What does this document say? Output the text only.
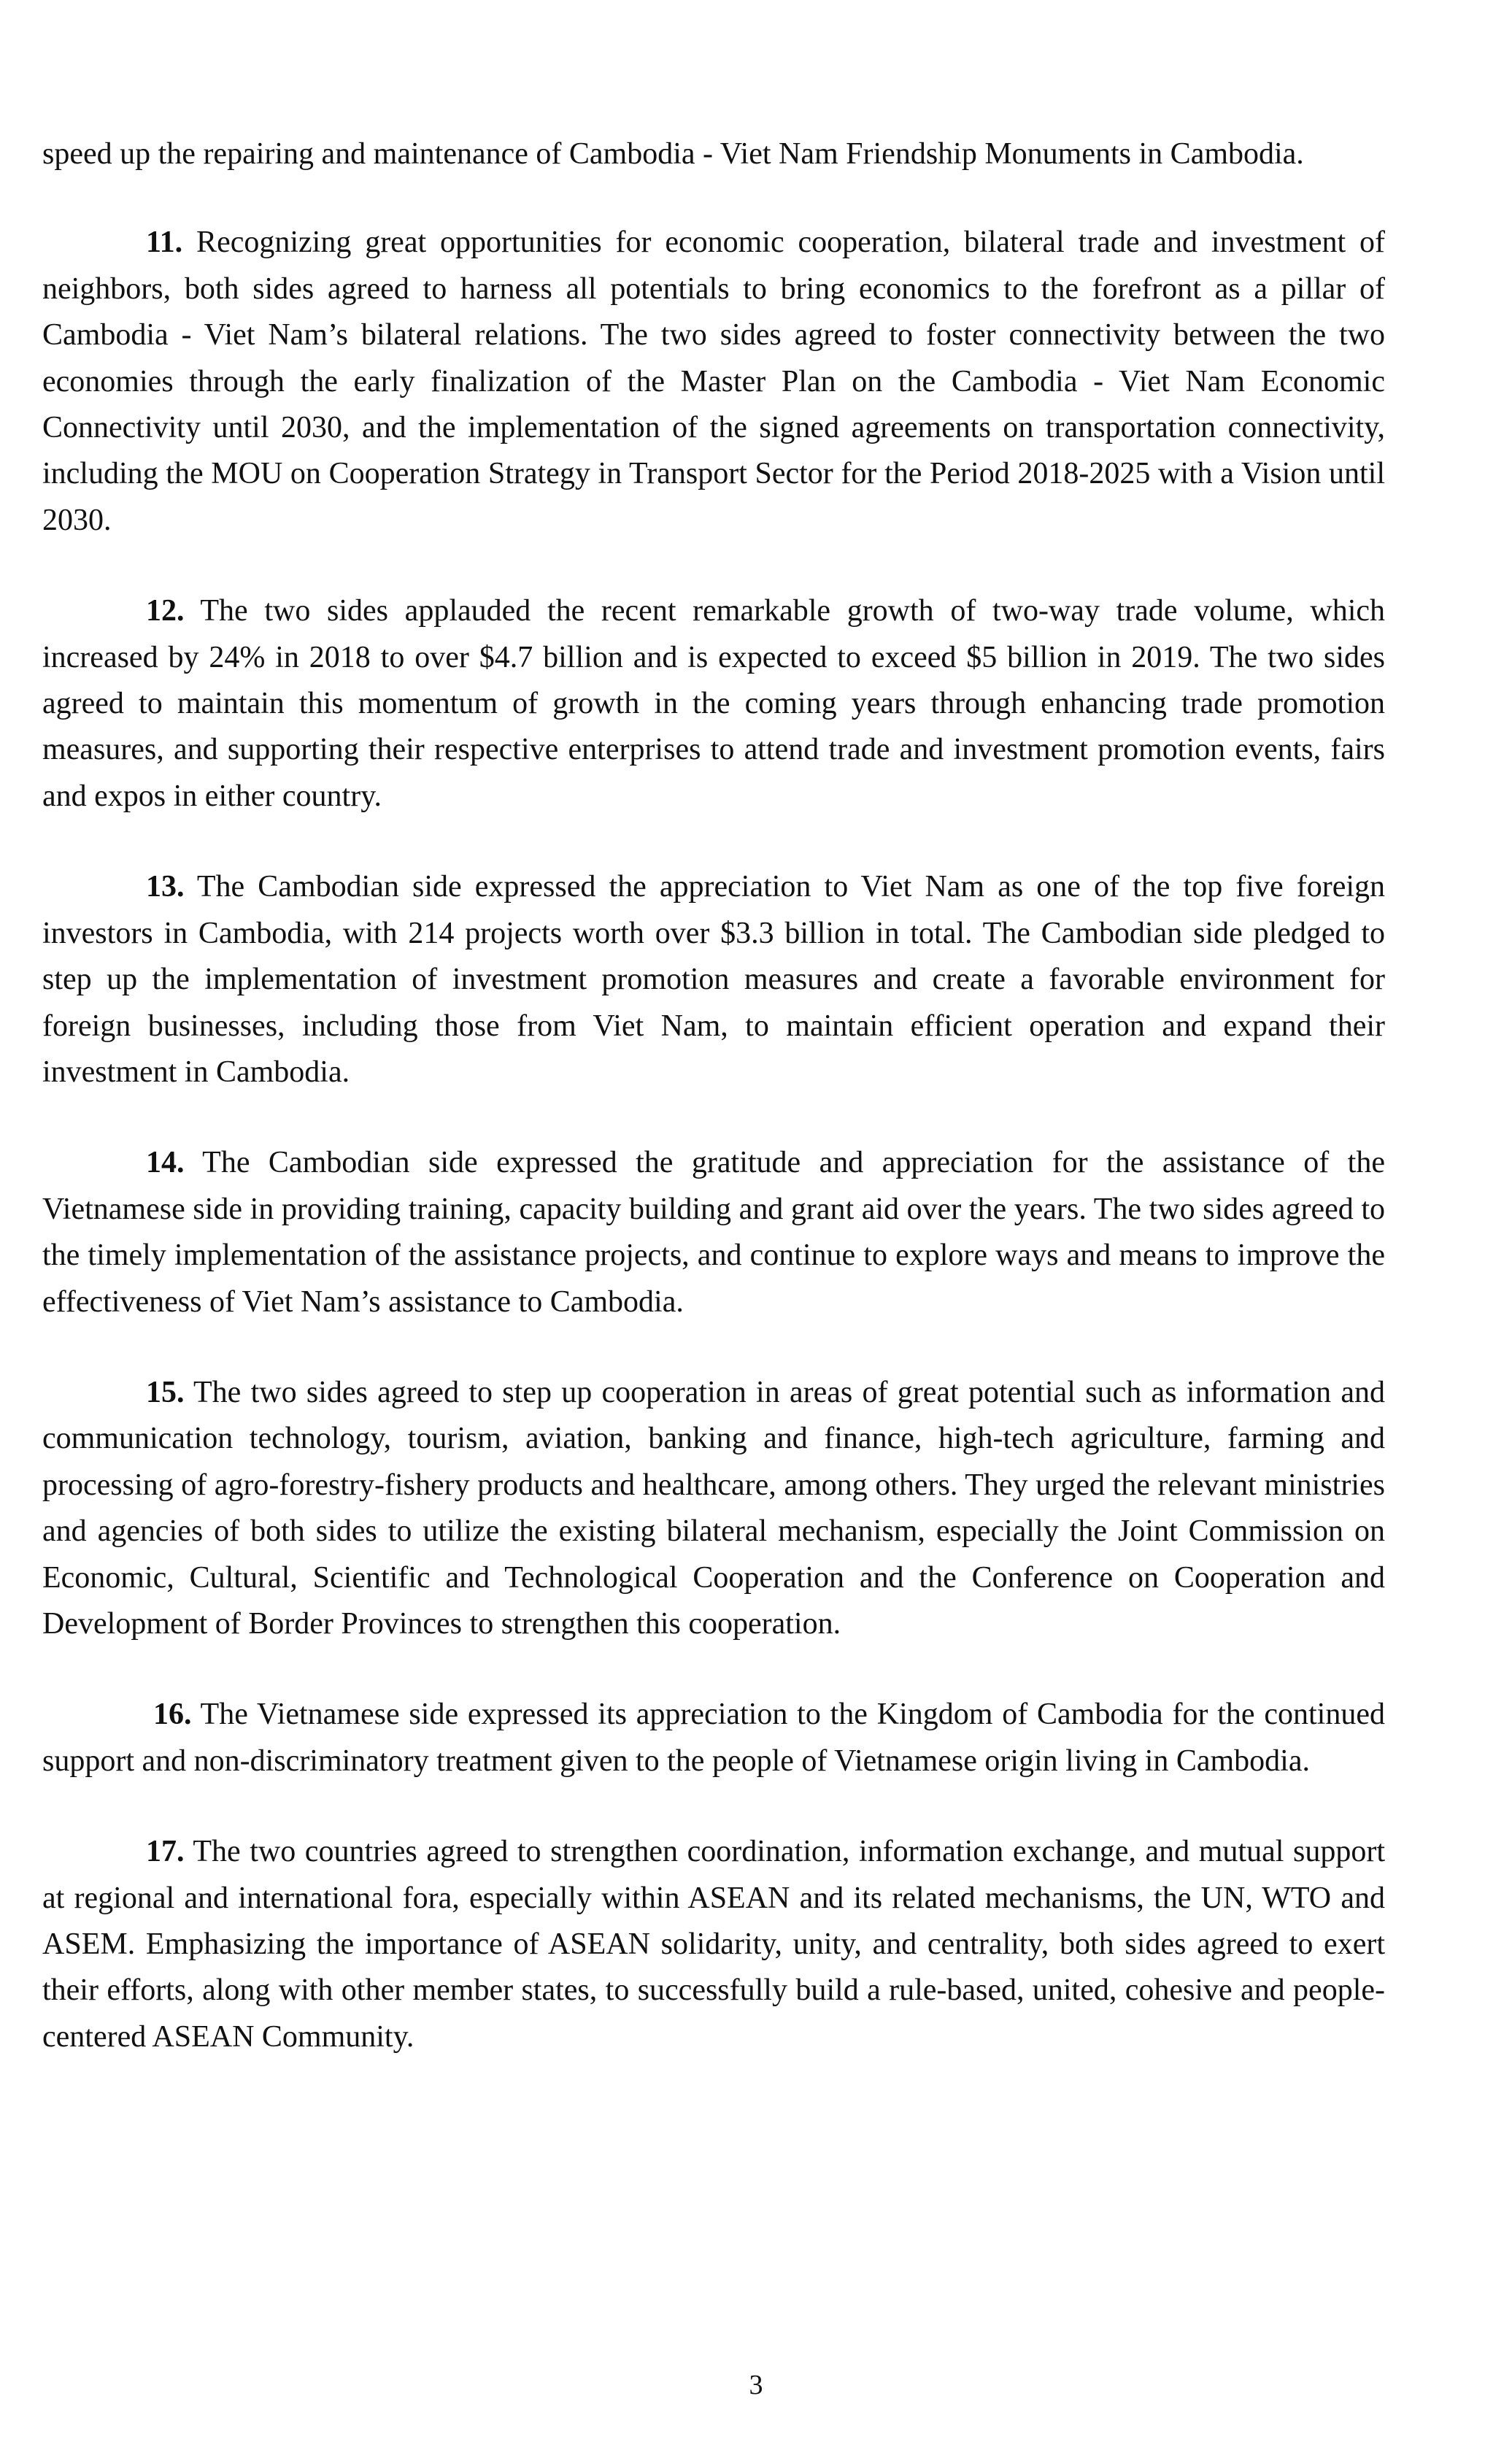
speed up the repairing and maintenance of Cambodia - Viet Nam Friendship Monuments in Cambodia.

11. Recognizing great opportunities for economic cooperation, bilateral trade and investment of neighbors, both sides agreed to harness all potentials to bring economics to the forefront as a pillar of Cambodia - Viet Nam’s bilateral relations. The two sides agreed to foster connectivity between the two economies through the early finalization of the Master Plan on the Cambodia - Viet Nam Economic Connectivity until 2030, and the implementation of the signed agreements on transportation connectivity, including the MOU on Cooperation Strategy in Transport Sector for the Period 2018-2025 with a Vision until 2030.

12. The two sides applauded the recent remarkable growth of two-way trade volume, which increased by 24% in 2018 to over $4.7 billion and is expected to exceed $5 billion in 2019. The two sides agreed to maintain this momentum of growth in the coming years through enhancing trade promotion measures, and supporting their respective enterprises to attend trade and investment promotion events, fairs and expos in either country.

13. The Cambodian side expressed the appreciation to Viet Nam as one of the top five foreign investors in Cambodia, with 214 projects worth over $3.3 billion in total. The Cambodian side pledged to step up the implementation of investment promotion measures and create a favorable environment for foreign businesses, including those from Viet Nam, to maintain efficient operation and expand their investment in Cambodia.

14. The Cambodian side expressed the gratitude and appreciation for the assistance of the Vietnamese side in providing training, capacity building and grant aid over the years. The two sides agreed to the timely implementation of the assistance projects, and continue to explore ways and means to improve the effectiveness of Viet Nam’s assistance to Cambodia.

15. The two sides agreed to step up cooperation in areas of great potential such as information and communication technology, tourism, aviation, banking and finance, high-tech agriculture, farming and processing of agro-forestry-fishery products and healthcare, among others. They urged the relevant ministries and agencies of both sides to utilize the existing bilateral mechanism, especially the Joint Commission on Economic, Cultural, Scientific and Technological Cooperation and the Conference on Cooperation and Development of Border Provinces to strengthen this cooperation.

16. The Vietnamese side expressed its appreciation to the Kingdom of Cambodia for the continued support and non-discriminatory treatment given to the people of Vietnamese origin living in Cambodia.

17. The two countries agreed to strengthen coordination, information exchange, and mutual support at regional and international fora, especially within ASEAN and its related mechanisms, the UN, WTO and ASEM. Emphasizing the importance of ASEAN solidarity, unity, and centrality, both sides agreed to exert their efforts, along with other member states, to successfully build a rule-based, united, cohesive and people-centered ASEAN Community.

3
